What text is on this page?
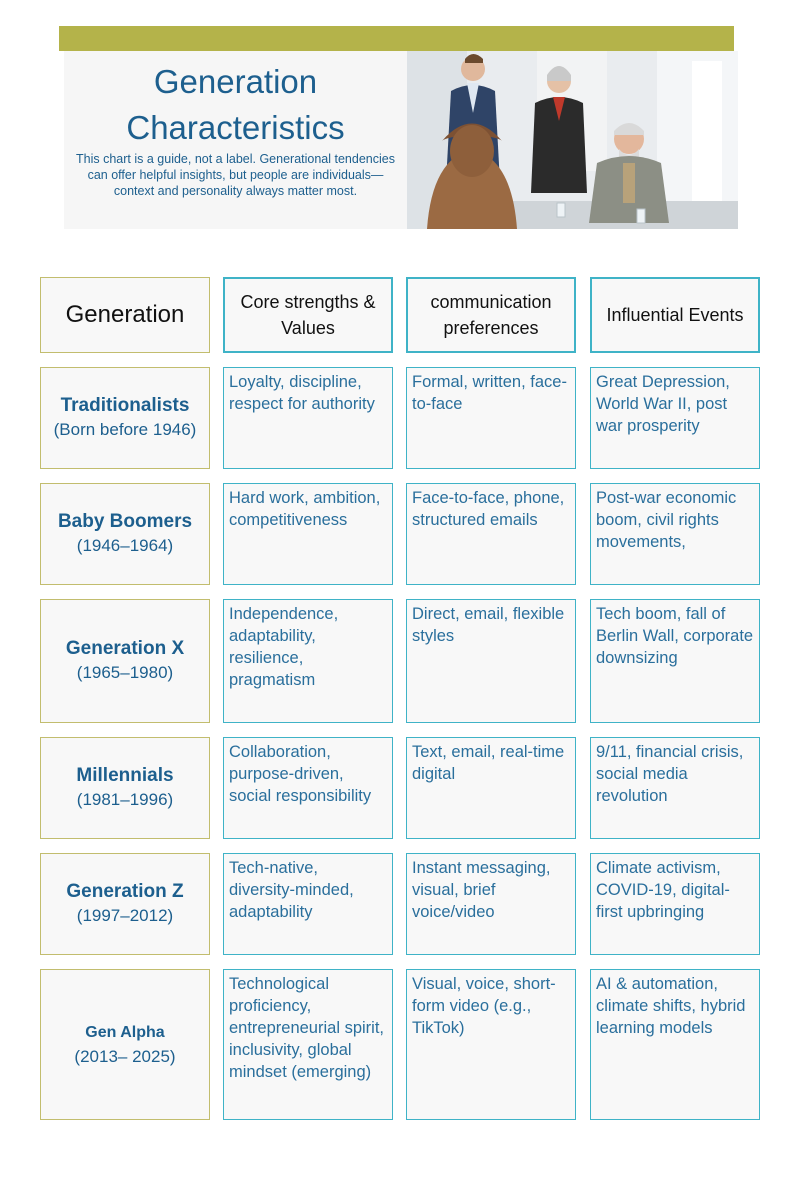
Generation
Characteristics

This chart is a guide, not a label. Generational tendencies can offer helpful insights, but people are individuals—context and personality always matter most.

Generation	Core strengths & Values
communication preferences
Influential Events
Traditionalists
(Born before 1946)
Loyalty, discipline, respect for authority
Formal, written, face-to-face
Great Depression, World War II, post war prosperity
Baby Boomers
(1946–1964)
Hard work, ambition, competitiveness
Face-to-face, phone, structured emails
Post-war economic boom, civil rights movements,
Generation X
(1965–1980)
Independence, adaptability, resilience, pragmatism
Direct, email, flexible styles
Tech boom, fall of Berlin Wall, corporate downsizing
Millennials
(1981–1996)
Collaboration, purpose-driven, social responsibility
Text, email, real-time digital
9/11, financial crisis, social media revolution
Generation Z
(1997–2012)
Tech-native, diversity-minded, adaptability
Instant messaging, visual, brief voice/video
Climate activism, COVID-19, digital-first upbringing
Gen Alpha
(2013– 2025)
Technological proficiency, entrepreneurial spirit, inclusivity, global mindset (emerging)
Visual, voice, short-form video (e.g., TikTok)
AI & automation, climate shifts, hybrid learning models
